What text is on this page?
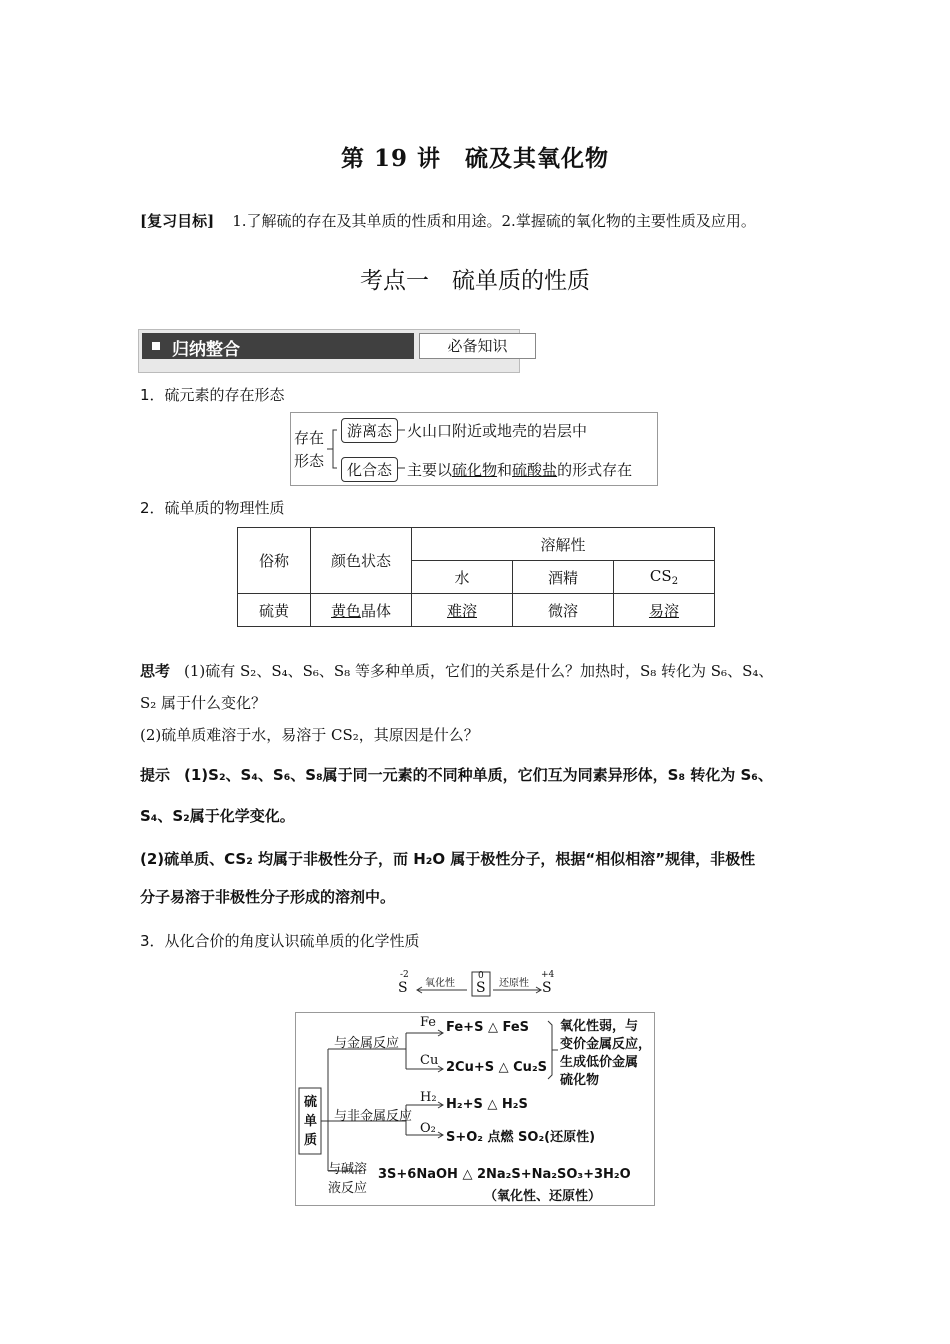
第 19 讲　硫及其氧化物
[复习目标] 1.了解硫的存在及其单质的性质和用途。2.掌握硫的氧化物的主要性质及应用。
考点一　硫单质的性质
归纳整合	必备知识
1．硫元素的存在形态
存在
形态
游离态 火山口附近或地壳的岩层中
化合态 主要以硫化物和硫酸盐的形式存在
2．硫单质的物理性质
俗称	颜色状态	溶解性		
		水	酒精	$CS_2$
硫黄	黄色晶体	难溶	微溶	易溶
思考 (1)硫有 S₂、S₄、S₆、S₈ 等多种单质，它们的关系是什么？加热时，S₈ 转化为 S₆、S₄、
S₂ 属于什么变化？
(2)硫单质难溶于水，易溶于 CS₂，其原因是什么？
提示 (1)S₂、S₄、S₆、S₈属于同一元素的不同种单质，它们互为同素异形体，S₈ 转化为 S₆、
S₄、S₂属于化学变化。
(2)硫单质、CS₂ 均属于非极性分子，而 H₂O 属于极性分子，根据“相似相溶”规律，非极性
分子易溶于非极性分子形成的溶剂中。
3．从化合价的角度认识硫单质的化学性质
S
-2
氧化性 S
0
还原性 S
+4
硫单质
与金属反应
Fe Fe+S △ FeS
Cu 2Cu+S △ Cu₂S
氧化性弱，与
变价金属反应，
生成低价金属
硫化物
与非金属反应
H₂ H₂+S △ H₂S
O₂
S+O₂ 点燃 SO₂(还原性)
与碱溶
液反应
3S+6NaOH △ 2Na₂S+Na₂SO₃+3H₂O
（氧化性、还原性）
